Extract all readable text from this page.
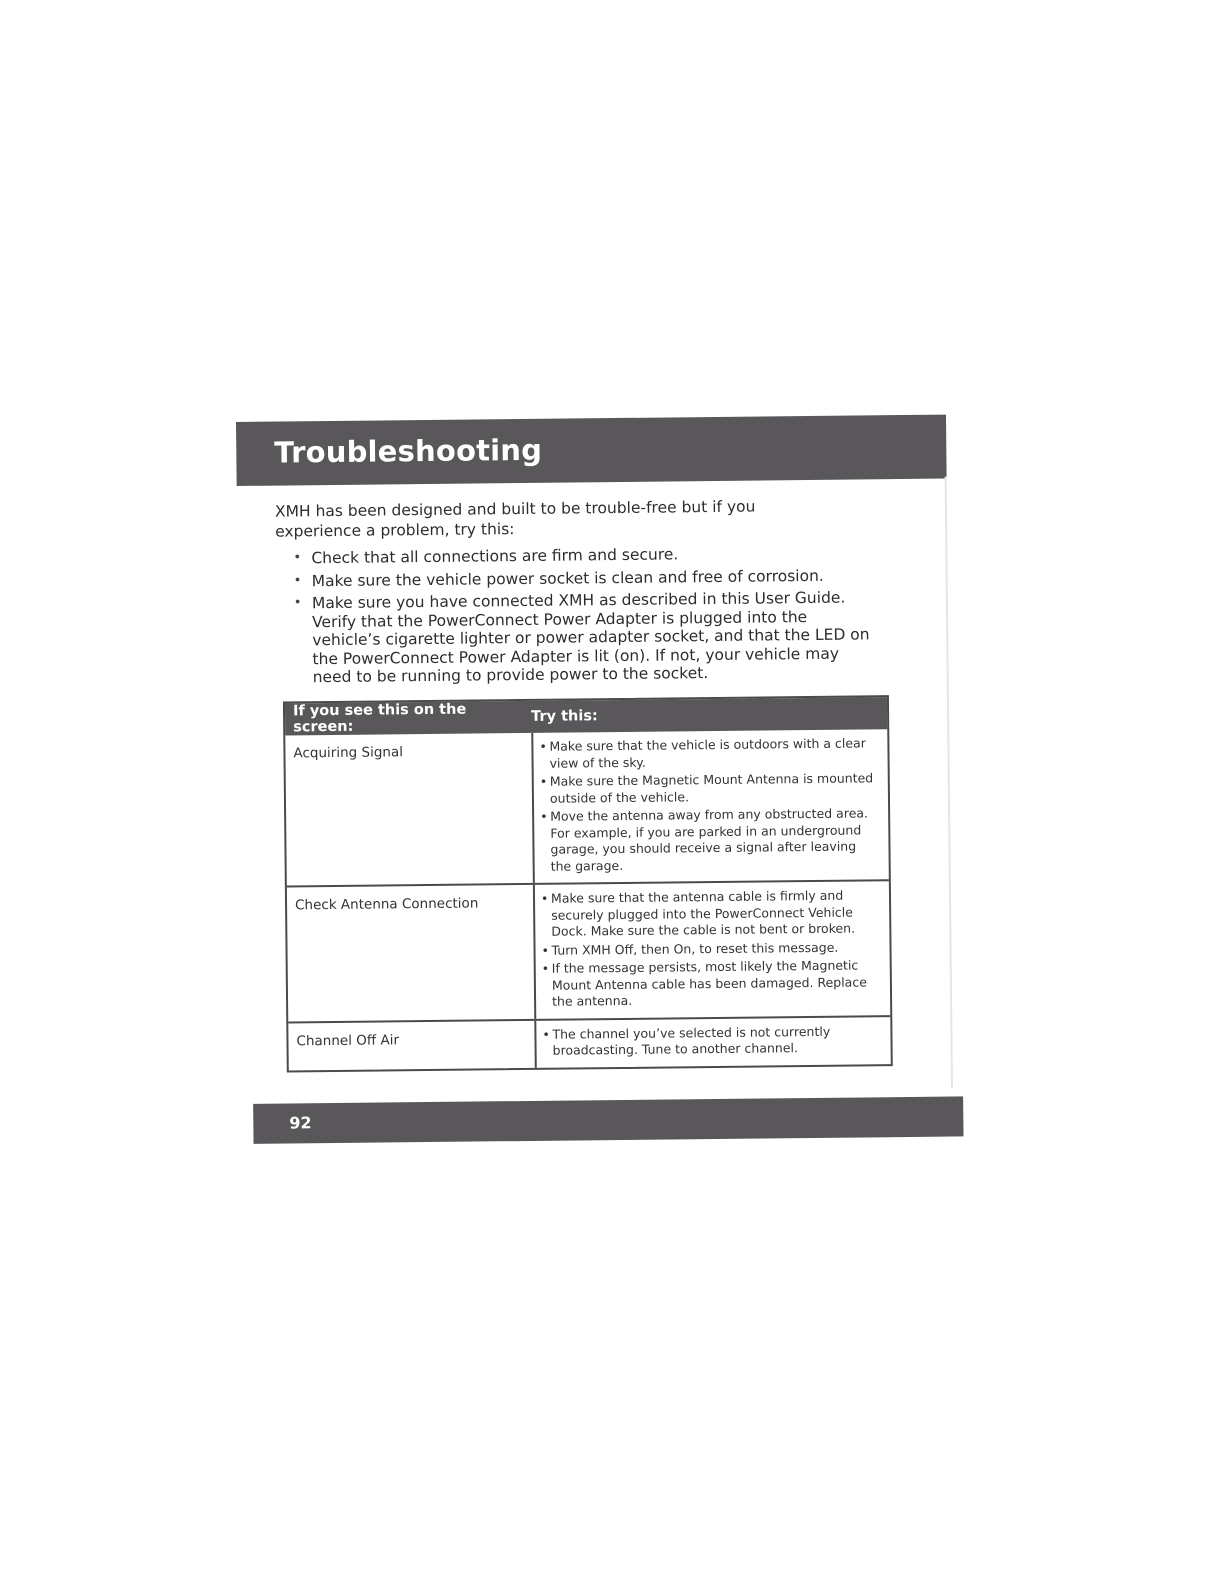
Troubleshooting

XMH has been designed and built to be trouble-free but if you experience a problem, try this:

• Check that all connections are firm and secure.
• Make sure the vehicle power socket is clean and free of corrosion.
• Make sure you have connected XMH as described in this User Guide. Verify that the PowerConnect Power Adapter is plugged into the vehicle’s cigarette lighter or power adapter socket, and that the LED on the PowerConnect Power Adapter is lit (on). If not, your vehicle may need to be running to provide power to the socket.
If you see this on the screen:
Try this:
Acquiring Signal	• Make sure that the vehicle is outdoors with a clear view of the sky.
• Make sure the Magnetic Mount Antenna is mounted outside of the vehicle.
• Move the antenna away from any obstructed area. For example, if you are parked in an underground garage, you should receive a signal after leaving the garage.
Check Antenna Connection	• Make sure that the antenna cable is firmly and securely plugged into the PowerConnect Vehicle Dock. Make sure the cable is not bent or broken.
• Turn XMH Off, then On, to reset this message.
• If the message persists, most likely the Magnetic Mount Antenna cable has been damaged. Replace the antenna.
Channel Off Air	• The channel you’ve selected is not currently broadcasting. Tune to another channel.
92
